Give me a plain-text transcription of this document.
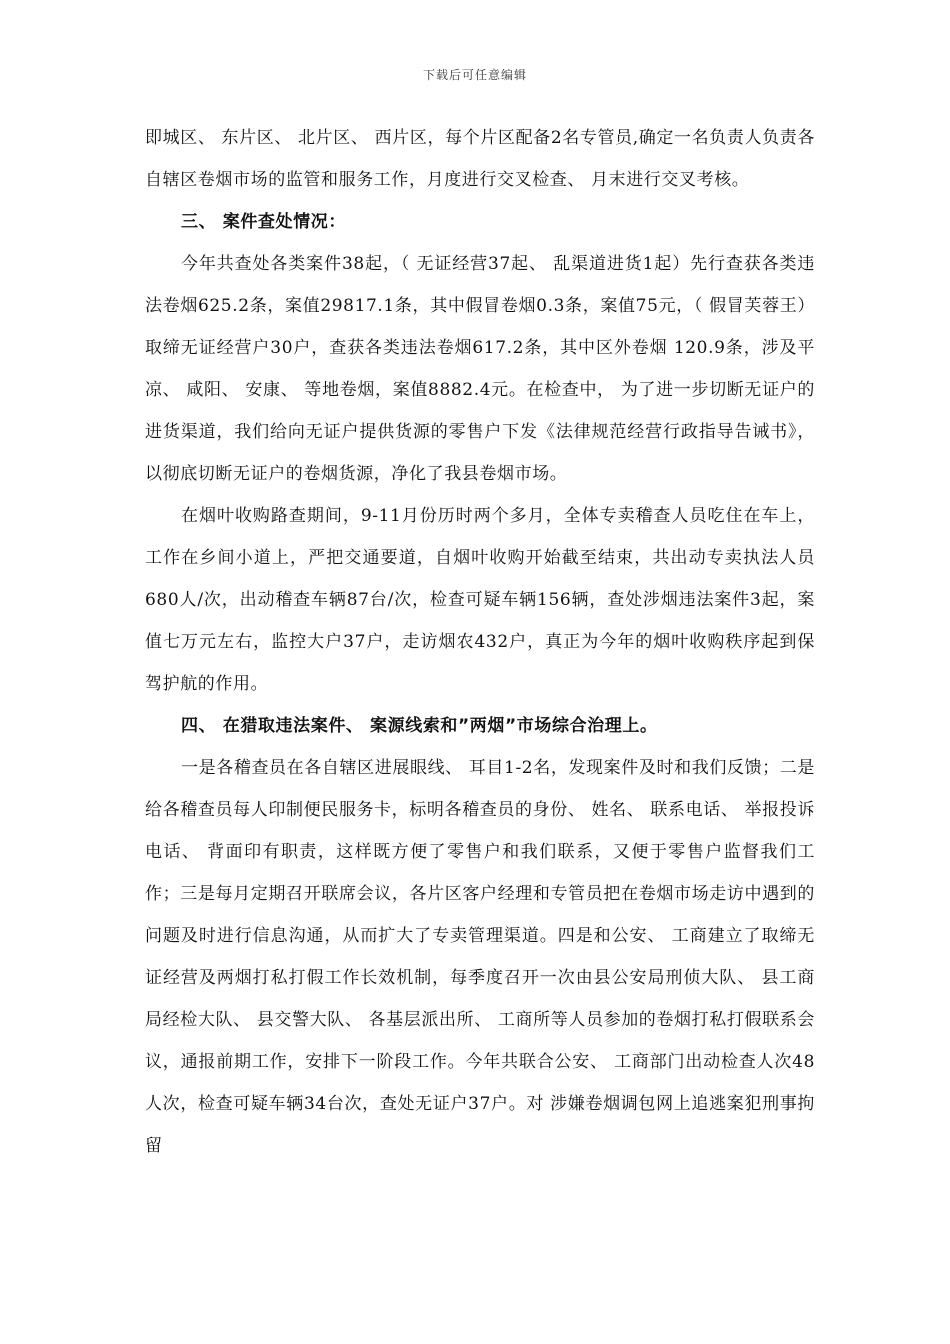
下载后可任意编辑

即城区、 东片区、 北片区、 西片区，每个片区配备2名专管员,确定一名负责人负责各自辖区卷烟市场的监管和服务工作，月度进行交叉检查、 月末进行交叉考核。

三、 案件查处情况：

今年共查处各类案件38起，（ 无证经营37起、 乱渠道进货1起）先行查获各类违法卷烟625.2条，案值29817.1条，其中假冒卷烟0.3条，案值75元，（ 假冒芙蓉王）取缔无证经营户30户，查获各类违法卷烟617.2条，其中区外卷烟 120.9条，涉及平凉、 咸阳、 安康、 等地卷烟，案值8882.4元。在检查中， 为了进一步切断无证户的进货渠道，我们给向无证户提供货源的零售户下发《法律规范经营行政指导告诫书》，以彻底切断无证户的卷烟货源，净化了我县卷烟市场。

在烟叶收购路查期间，9-11月份历时两个多月，全体专卖稽查人员吃住在车上，工作在乡间小道上，严把交通要道，自烟叶收购开始截至结束，共出动专卖执法人员680人/次，出动稽查车辆87台/次，检查可疑车辆156辆，查处涉烟违法案件3起，案值七万元左右，监控大户37户，走访烟农432户，真正为今年的烟叶收购秩序起到保驾护航的作用。

四、 在猎取违法案件、 案源线索和”两烟”市场综合治理上。

一是各稽查员在各自辖区进展眼线、 耳目1-2名，发现案件及时和我们反馈；二是给各稽查员每人印制便民服务卡，标明各稽查员的身份、 姓名、 联系电话、 举报投诉电话、 背面印有职责，这样既方便了零售户和我们联系，又便于零售户监督我们工作；三是每月定期召开联席会议，各片区客户经理和专管员把在卷烟市场走访中遇到的问题及时进行信息沟通，从而扩大了专卖管理渠道。四是和公安、 工商建立了取缔无证经营及两烟打私打假工作长效机制，每季度召开一次由县公安局刑侦大队、 县工商局经检大队、 县交警大队、 各基层派出所、 工商所等人员参加的卷烟打私打假联系会议，通报前期工作，安排下一阶段工作。今年共联合公安、 工商部门出动检查人次48人次，检查可疑车辆34台次，查处无证户37户。对 涉嫌卷烟调包网上追逃案犯刑事拘留
